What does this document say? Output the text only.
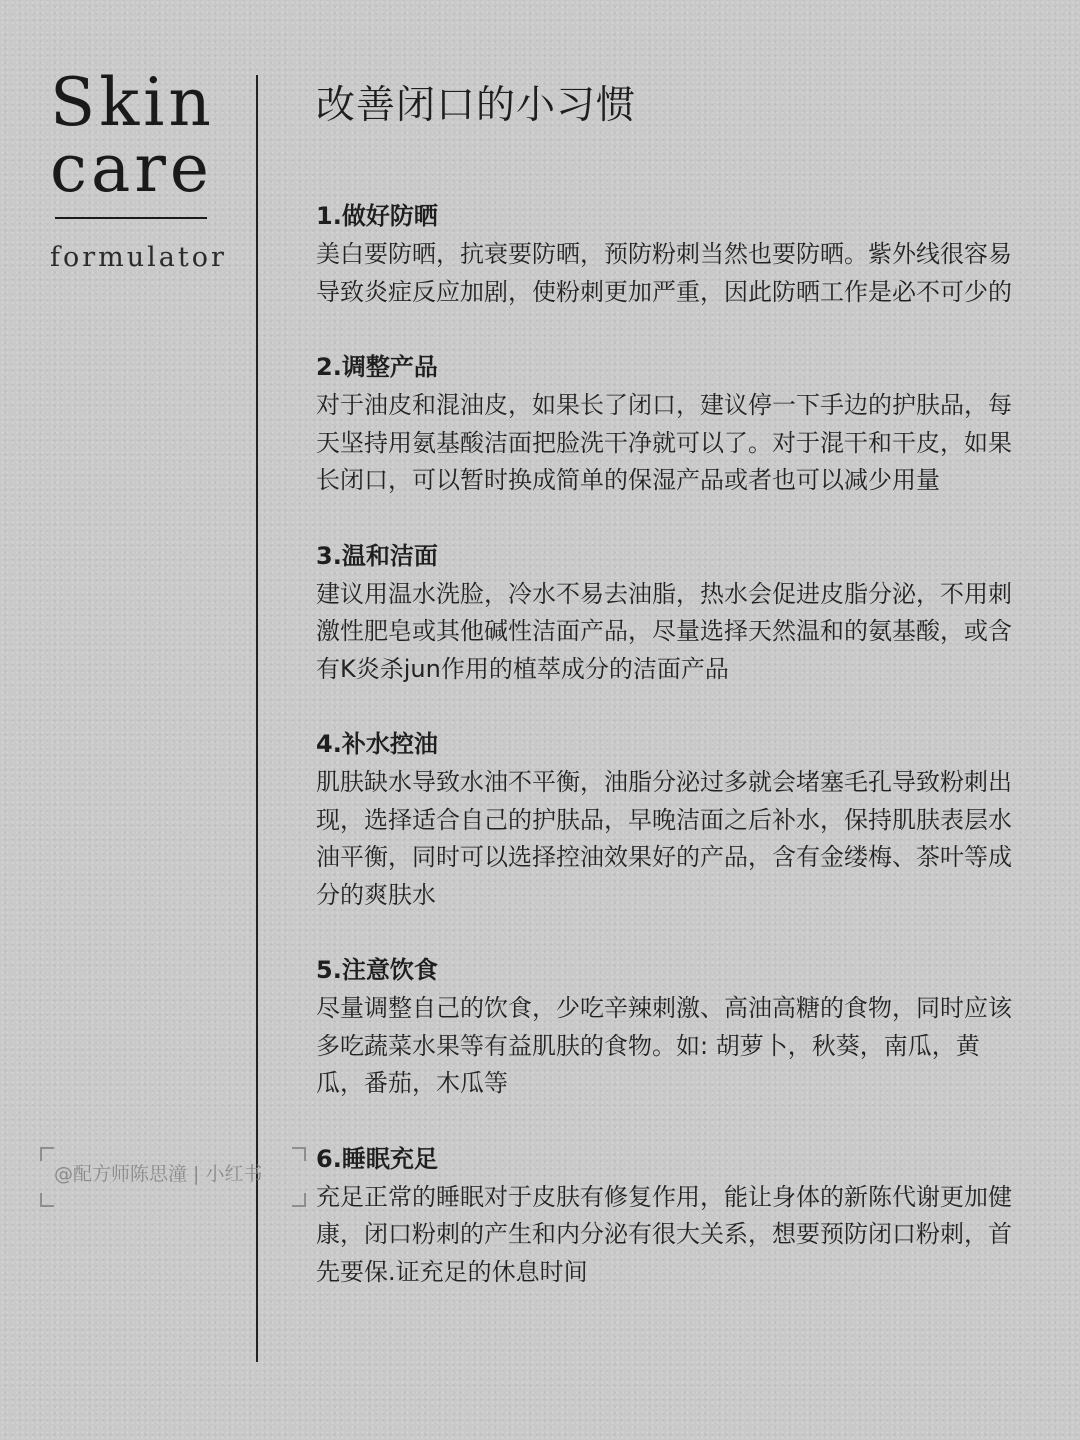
Skin
care
formulator
@配方师陈思潼 | 小红书
改善闭口的小习惯
1.做好防晒

美白要防晒，抗衰要防晒，预防粉刺当然也要防晒。紫外线很容易导致炎症反应加剧，使粉刺更加严重，因此防晒工作是必不可少的

2.调整产品

对于油皮和混油皮，如果长了闭口，建议停一下手边的护肤品，每天坚持用氨基酸洁面把脸洗干净就可以了。对于混干和干皮，如果长闭口，可以暂时换成简单的保湿产品或者也可以减少用量

3.温和洁面

建议用温水洗脸，冷水不易去油脂，热水会促进皮脂分泌，不用刺激性肥皂或其他碱性洁面产品，尽量选择天然温和的氨基酸，或含有K炎杀jun作用的植萃成分的洁面产品

4.补水控油

肌肤缺水导致水油不平衡，油脂分泌过多就会堵塞毛孔导致粉刺出现，选择适合自己的护肤品，早晚洁面之后补水，保持肌肤表层水油平衡，同时可以选择控油效果好的产品，含有金缕梅、茶叶等成分的爽肤水

5.注意饮食

尽量调整自己的饮食，少吃辛辣刺激、高油高糖的食物，同时应该多吃蔬菜水果等有益肌肤的食物。如: 胡萝卜，秋葵，南瓜，黄瓜，番茄，木瓜等

6.睡眠充足

充足正常的睡眠对于皮肤有修复作用，能让身体的新陈代谢更加健康，闭口粉刺的产生和内分泌有很大关系，想要预防闭口粉刺，首先要保.证充足的休息时间
